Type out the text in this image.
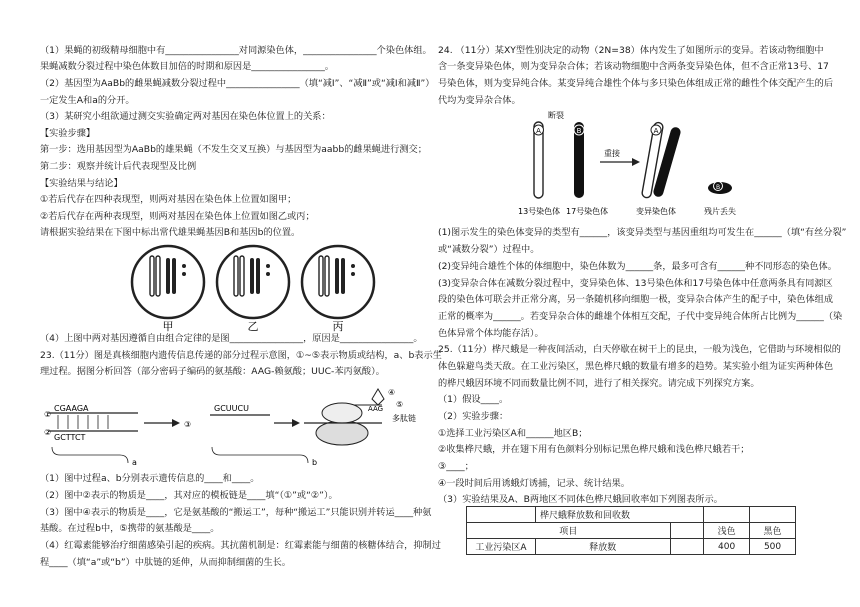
（1）果蝇的初级精母细胞中有________________对同源染色体，________________个染色体组。
果蝇减数分裂过程中染色体数目加倍的时期和原因是________________。
（2）基因型为AaBb的雌果蝇减数分裂过程中________________（填“减Ⅰ”、“减Ⅱ”或“减Ⅰ和减Ⅱ”）
一定发生A和a的分开。
（3）某研究小组欲通过测交实验确定两对基因在染色体位置上的关系：
【实验步骤】
第一步：选用基因型为AaBb的雄果蝇（不发生交叉互换）与基因型为aabb的雌果蝇进行测交；
第二步：观察并统计后代表现型及比例
【实验结果与结论】
①若后代存在四种表现型，则两对基因在染色体上位置如图甲；
②若后代存在两种表现型，则两对基因在染色体上位置如图乙或丙；
请根据实验结果在下图中标出常代雄果蝇基因B和基因b的位置。
甲	乙	丙
（4）上图中两对基因遵循自由组合定律的是图________________，原因是________________。
23.（11分）图是真核细胞内遗传信息传递的部分过程示意图，①~⑤表示物质或结构，a、b表示生
理过程。据图分析回答（部分密码子编码的氨基酸：AAG-赖氨酸；UUC-苯丙氨酸）。
CGAAGA
GCTTCT
①
②
③
GCUUCU	AAG
④
⑤
多肽链
a	b
（1）图中过程a、b分别表示遗传信息的____和____。
（2）图中②表示的物质是____，其对应的模板链是____填“（①”或“②”）。
（3）图中④表示的物质是____，它是氨基酸的“搬运工”，每种“搬运工”只能识别并转运____种氨
基酸。在过程b中，⑤携带的氨基酸是____。
（4）红霉素能够治疗细菌感染引起的疾病。其抗菌机制是：红霉素能与细菌的核糖体结合，抑制过
程____（填“a”或“b”）中肽链的延伸，从而抑制细菌的生长。
24. （11分）某XY型性别决定的动物（2N=38）体内发生了如图所示的变异。若该动物细胞中
含一条变异染色体，则为变异杂合体；若该动物细胞中含两条变异染色体，但不含正常13号、17
号染色体，则为变异纯合体。某变异纯合雄性个体与多只染色体组成正常的雌性个体交配产生的后
代均为变异杂合体。
A	B
断裂
重接
A
B
13号染色体 17号染色体	变异染色体	残片丢失
(1)图示发生的染色体变异的类型有______，该变异类型与基因重组均可发生在______（填“有丝分裂”
或“减数分裂”）过程中。
(2)变异纯合雄性个体的体细胞中，染色体数为______条，最多可含有______种不同形态的染色体。
(3)变异杂合体在减数分裂过程中，变异染色体、13号染色体和17号染色体中任意两条具有同源区
段的染色体可联会并正常分离，另一条随机移向细胞一极，变异杂合体产生的配子中，染色体组成
正常的概率为______。若变异杂合体的雌雄个体相互交配，子代中变异纯合体所占比例为______（染
色体异常个体均能存活）。
25.（11分）桦尺蛾是一种夜间活动，白天停歇在树干上的昆虫，一般为浅色，它借助与环境相似的
体色躲避鸟类天敌。在工业污染区，黑色桦尺蛾的数量有增多的趋势。某实验小组为证实两种体色
的桦尺蛾因环境不同而数量比例不同，进行了相关探究。请完成下列探究方案。
（1）假设____。
（2）实验步骤：
①选择工业污染区A和______地区B；
②收集桦尺蛾，并在翅下用有色颜料分别标记黑色桦尺蛾和浅色桦尺蛾若干；
③____；
④一段时间后用诱蛾灯诱捕，记录、统计结果。
（3）实验结果及A、B两地区不同体色桦尺蛾回收率如下列图表所示。
	桦尺蛾释放数和回收数			
项目			浅色	黑色
工业污染区A	释放数		400	500
